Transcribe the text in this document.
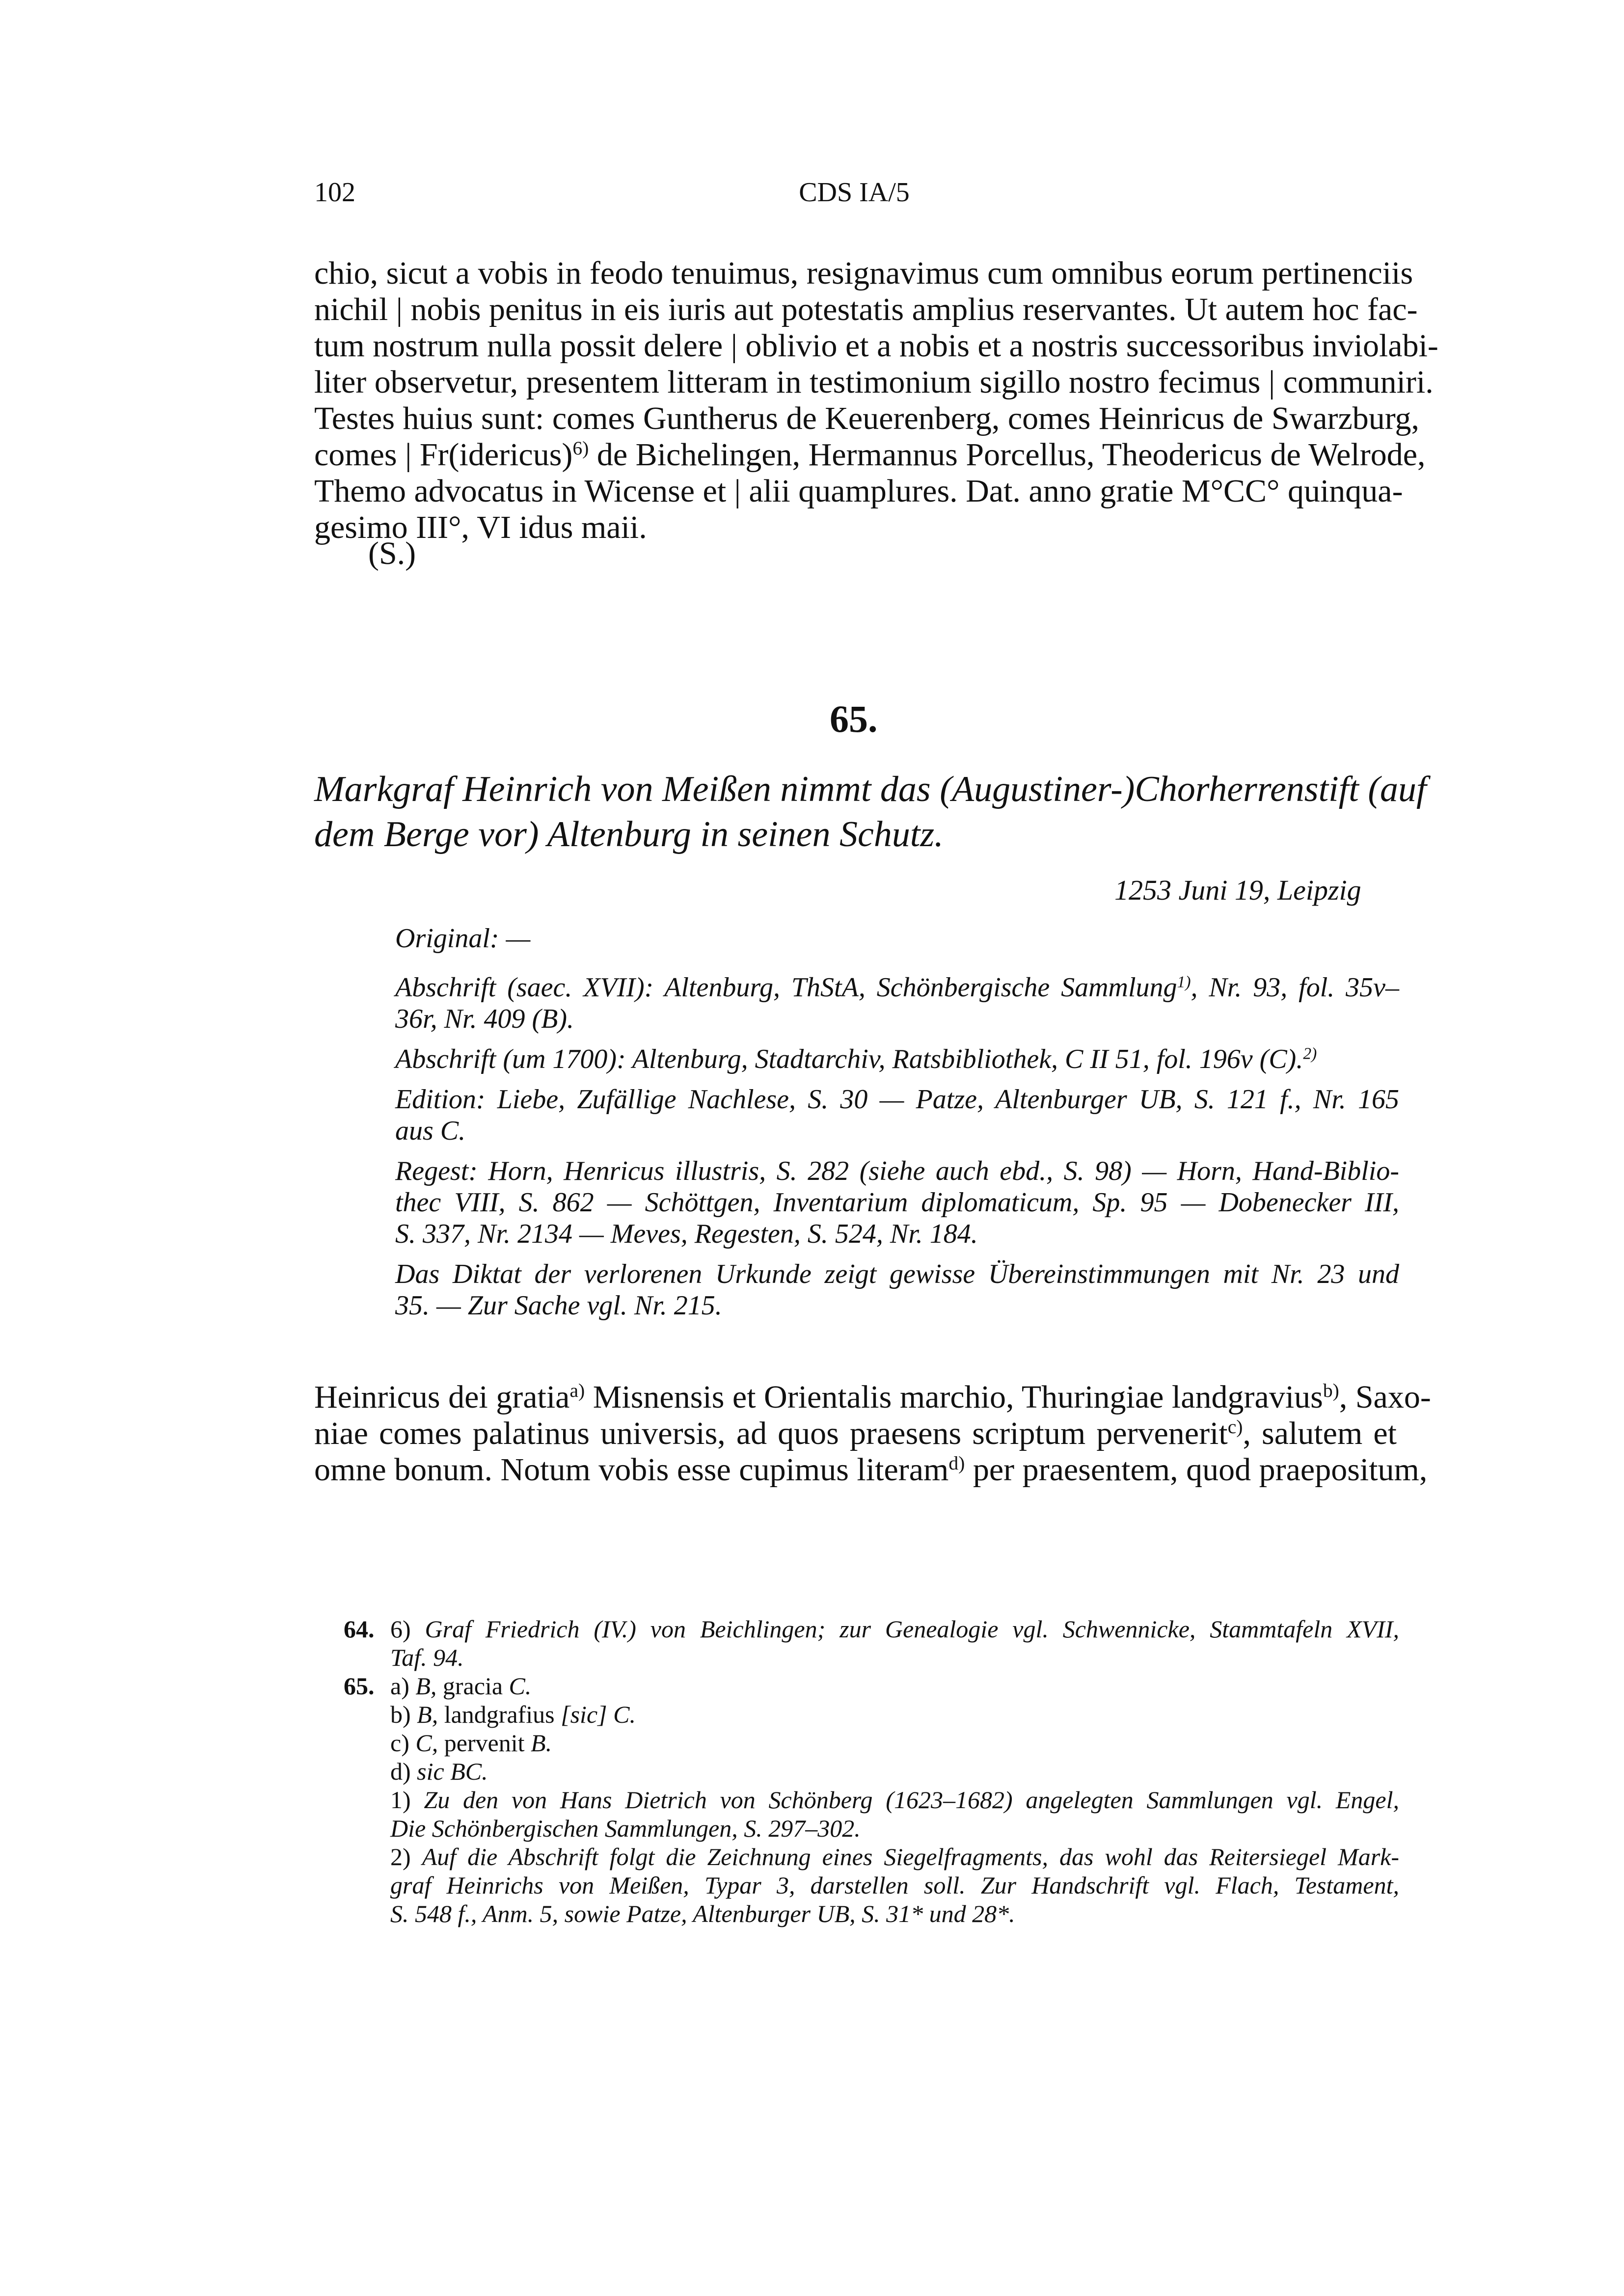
102	CDS IA/5
chio, sicut a vobis in feodo tenuimus, resignavimus cum omnibus eorum pertinenciis
nichil | nobis penitus in eis iuris aut potestatis amplius reservantes. Ut autem hoc fac-
tum nostrum nulla possit delere | oblivio et a nobis et a nostris successoribus inviolabi-
liter observetur, presentem litteram in testimonium sigillo nostro fecimus | communiri.
Testes huius sunt: comes Guntherus de Keuerenberg, comes Heinricus de Swarzburg,
comes | Fr(idericus)$^{6)}$ de Bichelingen, Hermannus Porcellus, Theodericus de Welrode,
Themo advocatus in Wicense et | alii quamplures. Dat. anno gratie M°CC° quinqua-
gesimo III°, VI idus maii.
(S.)
65.
Markgraf Heinrich von Meißen nimmt das (Augustiner-)Chorherrenstift (auf
dem Berge vor) Altenburg in seinen Schutz.
1253 Juni 19, Leipzig
Original: —
Abschrift (saec. XVII): Altenburg, ThStA, Schönbergische Sammlung$^{1)}$, Nr. 93, fol. 35v–
36r, Nr. 409 (B).
Abschrift (um 1700): Altenburg, Stadtarchiv, Ratsbibliothek, C II 51, fol. 196v (C).$^{2)}$
Edition: Liebe, Zufällige Nachlese, S. 30 — Patze, Altenburger UB, S. 121 f., Nr. 165
aus C.
Regest: Horn, Henricus illustris, S. 282 (siehe auch ebd., S. 98) — Horn, Hand-Biblio-
thec VIII, S. 862 — Schöttgen, Inventarium diplomaticum, Sp. 95 — Dobenecker III,
S. 337, Nr. 2134 — Meves, Regesten, S. 524, Nr. 184.
Das Diktat der verlorenen Urkunde zeigt gewisse Übereinstimmungen mit Nr. 23 und
35. — Zur Sache vgl. Nr. 215.
Heinricus dei gratia$^{a)}$ Misnensis et Orientalis marchio, Thuringiae landgravius$^{b)}$, Saxo-
niae comes palatinus universis, ad quos praesens scriptum pervenerit$^{c)}$, salutem et
omne bonum. Notum vobis esse cupimus literam$^{d)}$ per praesentem, quod praepositum,
64. 6) Graf Friedrich (IV.) von Beichlingen; zur Genealogie vgl. Schwennicke, Stammtafeln XVII,
Taf. 94.
65. a) B, gracia C.
b) B, landgrafius [sic] C.
c) C, pervenit B.
d) sic BC.
1) Zu den von Hans Dietrich von Schönberg (1623–1682) angelegten Sammlungen vgl. Engel,
Die Schönbergischen Sammlungen, S. 297–302.
2) Auf die Abschrift folgt die Zeichnung eines Siegelfragments, das wohl das Reitersiegel Mark-
graf Heinrichs von Meißen, Typar 3, darstellen soll. Zur Handschrift vgl. Flach, Testament,
S. 548 f., Anm. 5, sowie Patze, Altenburger UB, S. 31* und 28*.
